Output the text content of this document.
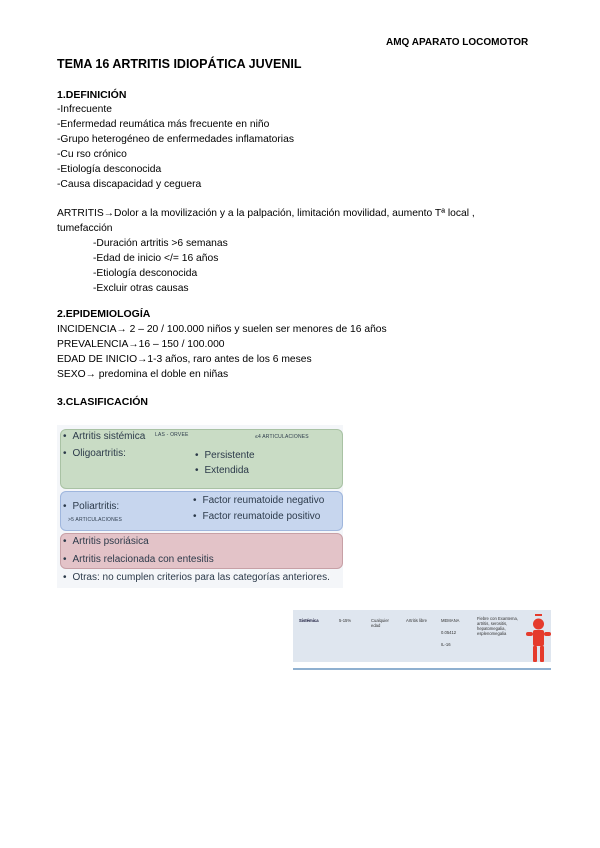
AMQ APARATO LOCOMOTOR
TEMA 16 ARTRITIS IDIOPÁTICA JUVENIL
1.DEFINICIÓN
-Infrecuente
-Enfermedad reumática más frecuente en niño
-Grupo heterogéneo de enfermedades inflamatorias
-Cu rso crónico
-Etiología desconocida
-Causa discapacidad y ceguera
ARTRITIS→Dolor a la movilización y a la palpación, limitación movilidad, aumento Tª local ,
tumefacción
-Duración artritis >6 semanas
-Edad de inicio </= 16 años
-Etiología desconocida
-Excluir otras causas
2.EPIDEMIOLOGÍA
INCIDENCIA→ 2 – 20 / 100.000 niños y suelen ser menores de 16 años
PREVALENCIA→16 – 150 / 100.000
EDAD DE INICIO→1-3 años, raro antes de los 6 meses
SEXO→ predomina el doble en niñas
3.CLASIFICACIÓN
• Artritis sistémica LAS - ORVEE	≤4 ARTICULACIONES
• Oligoartritis:
•	Persistente
• Extendida
• Poliartritis:
>5 ARTICULACIONES
• Factor reumatoide negativo
• Factor reumatoide positivo
• Artritis psoriásica
• Artritis relacionada con entesitis
• Otras: no cumplen criterios para las categorías anteriores.
Sistémica	5-15%	Cualquier edad
Artritis libre	MEMANA
0.05412
IL-16
Fiebre con Exantema, artritis, serositis, hepatomegalia, esplenomegalia
